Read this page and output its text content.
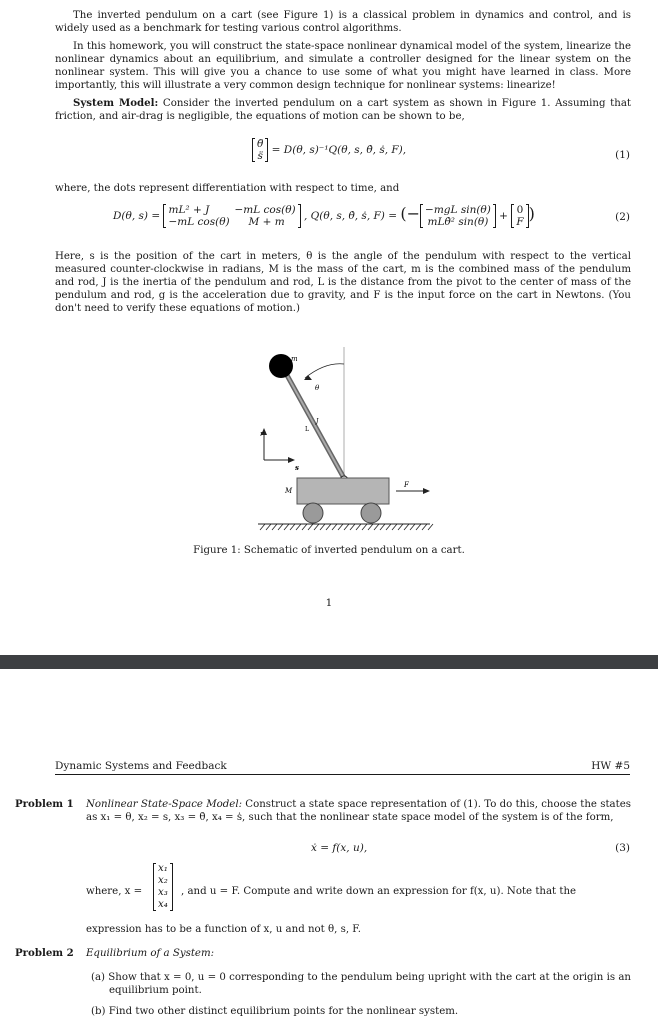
The inverted pendulum on a cart (see Figure 1) is a classical problem in dynamics and control, and is widely used as a benchmark for testing various control algorithms.

In this homework, you will construct the state-space nonlinear dynamical model of the system, linearize the nonlinear dynamics about an equilibrium, and simulate a controller designed for the linear system on the nonlinear system. This will give you a chance to use some of what you might have learned in class. More importantly, this will illustrate a very common design technique for nonlinear systems: linearize!

System Model: Consider the inverted pendulum on a cart system as shown in Figure 1. Assuming that friction, and air-drag is negligible, the equations of motion can be shown to be,

θ̈
s̈ = D(θ, s)⁻¹Q(θ, s, θ̇, ṡ, F),	(1)

where, the dots represent differentiation with respect to time, and

D(θ, s) = mL² + J −mL cos(θ)
−mL cos(θ) M + m	, Q(θ, s, θ̇, ṡ, F) = (− −mgL sin(θ)
mLθ̇² sin(θ) + 0
F )	(2)

Here, s is the position of the cart in meters, θ is the angle of the pendulum with respect to the vertical measured counter-clockwise in radians, M is the mass of the cart, m is the combined mass of the pendulum and rod, J is the inertia of the pendulum and rod, L is the distance from the pivot to the center of mass of the pendulum and rod, g is the acceleration due to gravity, and F is the input force on the cart in Newtons. (You don't need to verify these equations of motion.)

m
θ
J
L
r
s
M
F
Figure 1: Schematic of inverted pendulum on a cart.
1
Dynamic Systems and Feedback	HW #5
Problem 1 Nonlinear State-Space Model: Construct a state space representation of (1). To do this, choose the states as x₁ = θ, x₂ = s, x₃ = θ̇, x₄ = ṡ, such that the nonlinear state space model of the system is of the form,
ẋ = f(x, u),	(3)
where, x =
x₁
x₂
x₃
x₄
, and u = F. Compute and write down an expression for f(x, u). Note that the
expression has to be a function of x, u and not θ, s, F.
Problem 2 Equilibrium of a System:
(a) Show that x = 0, u = 0 corresponding to the pendulum being upright with the cart at the origin is an equilibrium point.
(b) Find two other distinct equilibrium points for the nonlinear system.
